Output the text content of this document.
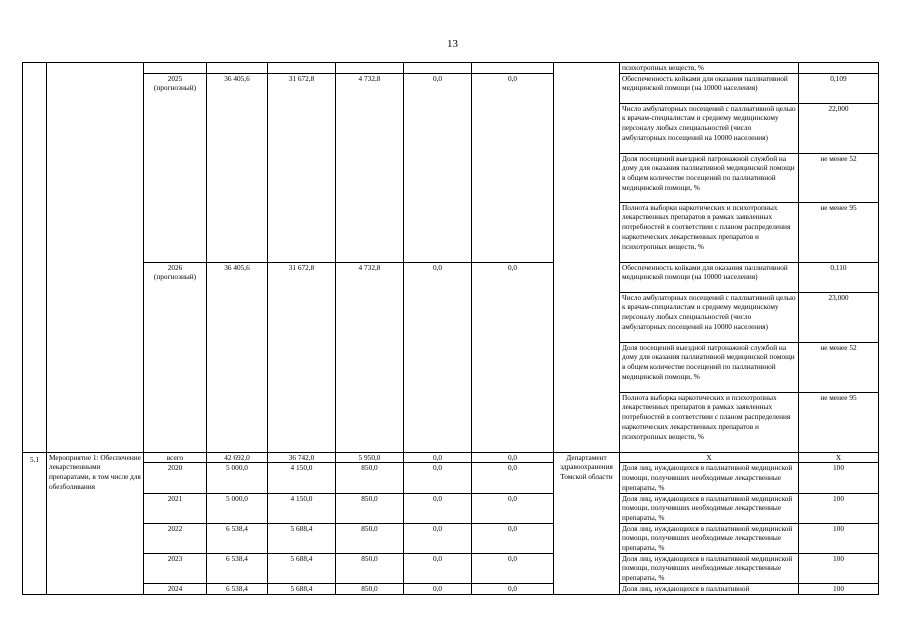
13
									психотропных веществ, %	
		2025 (прогнозный)	36 405,6	31 672,8	4 732,8	0,0	0,0		Обеспеченность койками для оказания паллиативной медицинской помощи (на 10000 населения)	0,109
									Число амбулаторных посещений с паллиативной целью к врачам-специалистам и среднему медицинскому персоналу любых специальностей (число амбулаторных посещений на 10000 населения)	22,000
									Доля посещений выездной патронажной службой на дому для оказания паллиативной медицинской помощи в общем количестве посещений по паллиативной медицинской помощи, %	не менее 52
									Полнота выборки наркотических и психотропных лекарственных препаратов в рамках заявленных потребностей в соответствии с планом распределения наркотических лекарственных препаратов и психотропных веществ, %	не менее 95
		2026 (прогнозный)	36 405,6	31 672,8	4 732,8	0,0	0,0		Обеспеченность койками для оказания паллиативной медицинской помощи (на 10000 населения)	0,110
									Число амбулаторных посещений с паллиативной целью к врачам-специалистам и среднему медицинскому персоналу любых специальностей (число амбулаторных посещений на 10000 населения)	23,000
									Доля посещений выездной патронажной службой на дому для оказания паллиативной медицинской помощи в общем количестве посещений по паллиативной медицинской помощи, %	не менее 52
									Полнота выборка наркотических и психотропных лекарственных препаратов в рамках заявленных потребностей в соответствии с планом распределения наркотических лекарственных препаратов и психотропных веществ, %	не менее 95
5.1	Мероприятие 1: Обеспечение лекарственными препаратами, в том числе для обезболивания	всего	42 692,0	36 742,0	5 950,0	0,0	0,0	Департамент здравоохранения Томской области	Х	Х
		2020	5 000,0	4 150,0	850,0	0,0	0,0		Доля лиц, нуждающихся в паллиативной медицинской помощи, получивших необходимые лекарственные препараты, %	100
		2021	5 000,0	4 150,0	850,0	0,0	0,0		Доля лиц, нуждающихся в паллиативной медицинской помощи, получивших необходимые лекарственные препараты, %	100
		2022	6 538,4	5 688,4	850,0	0,0	0,0		Доля лиц, нуждающихся в паллиативной медицинской помощи, получивших необходимые лекарственные препараты, %	100
		2023	6 538,4	5 688,4	850,0	0,0	0,0		Доля лиц, нуждающихся в паллиативной медицинской помощи, получивших необходимые лекарственные препараты, %	100
		2024	6 538,4	5 688,4	850,0	0,0	0,0		Доля лиц, нуждающихся в паллиативной	100
